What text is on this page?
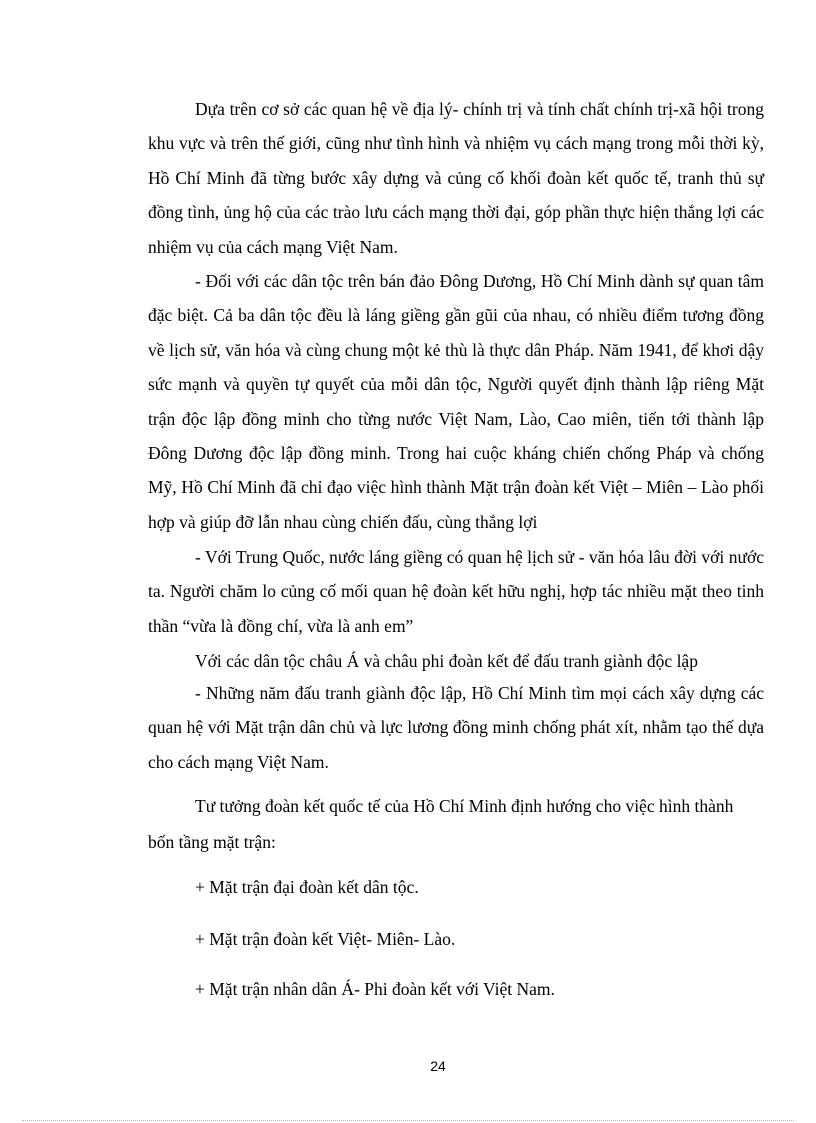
Dựa trên cơ sở các quan hệ về địa lý- chính trị và tính chất chính trị-xã hội trong khu vực và trên thế giới, cũng như tình hình và nhiệm vụ cách mạng trong mỗi thời kỳ, Hồ Chí Minh đã từng bước xây dựng và củng cố khối đoàn kết quốc tế, tranh thủ sự đồng tình, ủng hộ của các trào lưu cách mạng thời đại, góp phần thực hiện thắng lợi các nhiệm vụ của cách mạng Việt Nam.

- Đối với các dân tộc trên bán đảo Đông Dương, Hồ Chí Minh dành sự quan tâm đặc biệt. Cả ba dân tộc đều là láng giềng gần gũi của nhau, có nhiều điểm tương đồng về lịch sử, văn hóa và cùng chung một kẻ thù là thực dân Pháp. Năm 1941, để khơi dậy sức mạnh và quyền tự quyết của mỗi dân tộc, Người quyết định thành lập riêng Mặt trận độc lập đồng minh cho từng nước Việt Nam, Lào, Cao miên, tiến tới thành lập Đông Dương độc lập đồng minh. Trong hai cuộc kháng chiến chống Pháp và chống Mỹ, Hồ Chí Minh đã chỉ đạo việc hình thành Mặt trận đoàn kết Việt – Miên – Lào phối hợp và giúp đỡ lẫn nhau cùng chiến đấu, cùng thắng lợi

- Với Trung Quốc, nước láng giềng có quan hệ lịch sử - văn hóa lâu đời với nước ta. Người chăm lo củng cố mối quan hệ đoàn kết hữu nghị, hợp tác nhiều mặt theo tinh thần “vừa là đồng chí, vừa là anh em”

Với các dân tộc châu Á và châu phi đoàn kết để đấu tranh giành độc lập

- Những năm đấu tranh giành độc lập, Hồ Chí Minh tìm mọi cách xây dựng các quan hệ với Mặt trận dân chủ và lực lương đồng minh chống phát xít, nhằm tạo thế dựa cho cách mạng Việt Nam.

Tư tưởng đoàn kết quốc tế của Hồ Chí Minh định hướng cho việc hình thành bốn tầng mặt trận:

+ Mặt trận đại đoàn kết dân tộc.

+ Mặt trận đoàn kết Việt- Miên- Lào.

+ Mặt trận nhân dân Á- Phi đoàn kết với Việt Nam.

24
